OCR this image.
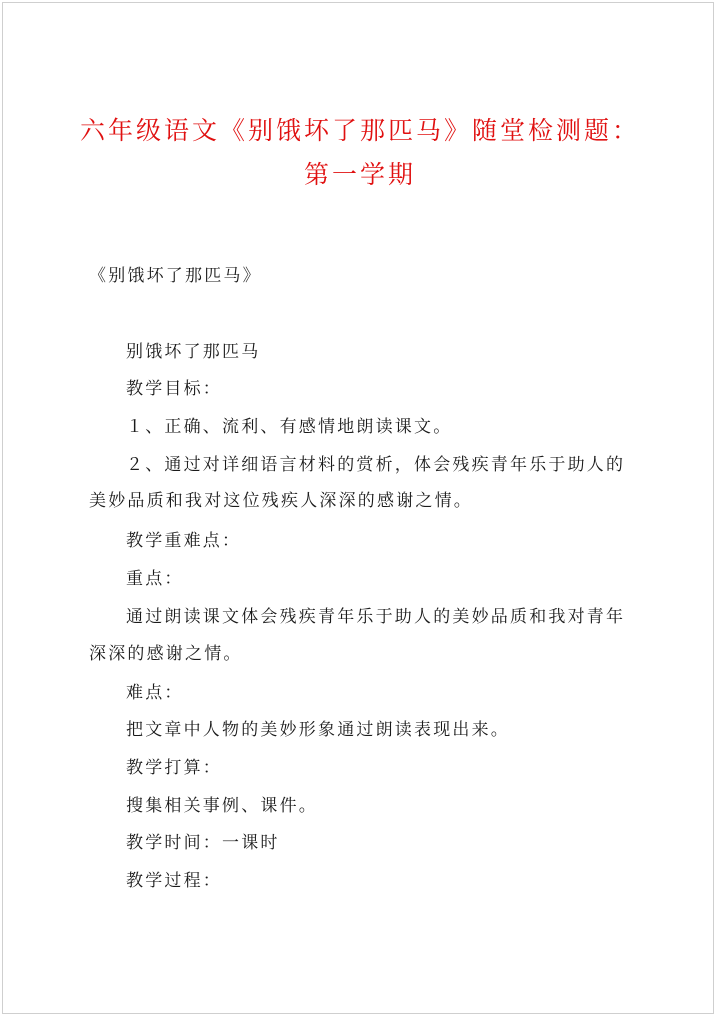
六年级语文《别饿坏了那匹马》随堂检测题：
第一学期
《别饿坏了那匹马》
别饿坏了那匹马
教学目标：
１、正确、流利、有感情地朗读课文。
２、通过对详细语言材料的赏析，体会残疾青年乐于助人的
美妙品质和我对这位残疾人深深的感谢之情。
教学重难点：
重点：
通过朗读课文体会残疾青年乐于助人的美妙品质和我对青年
深深的感谢之情。
难点：
把文章中人物的美妙形象通过朗读表现出来。
教学打算：
搜集相关事例、课件。
教学时间：一课时
教学过程：
